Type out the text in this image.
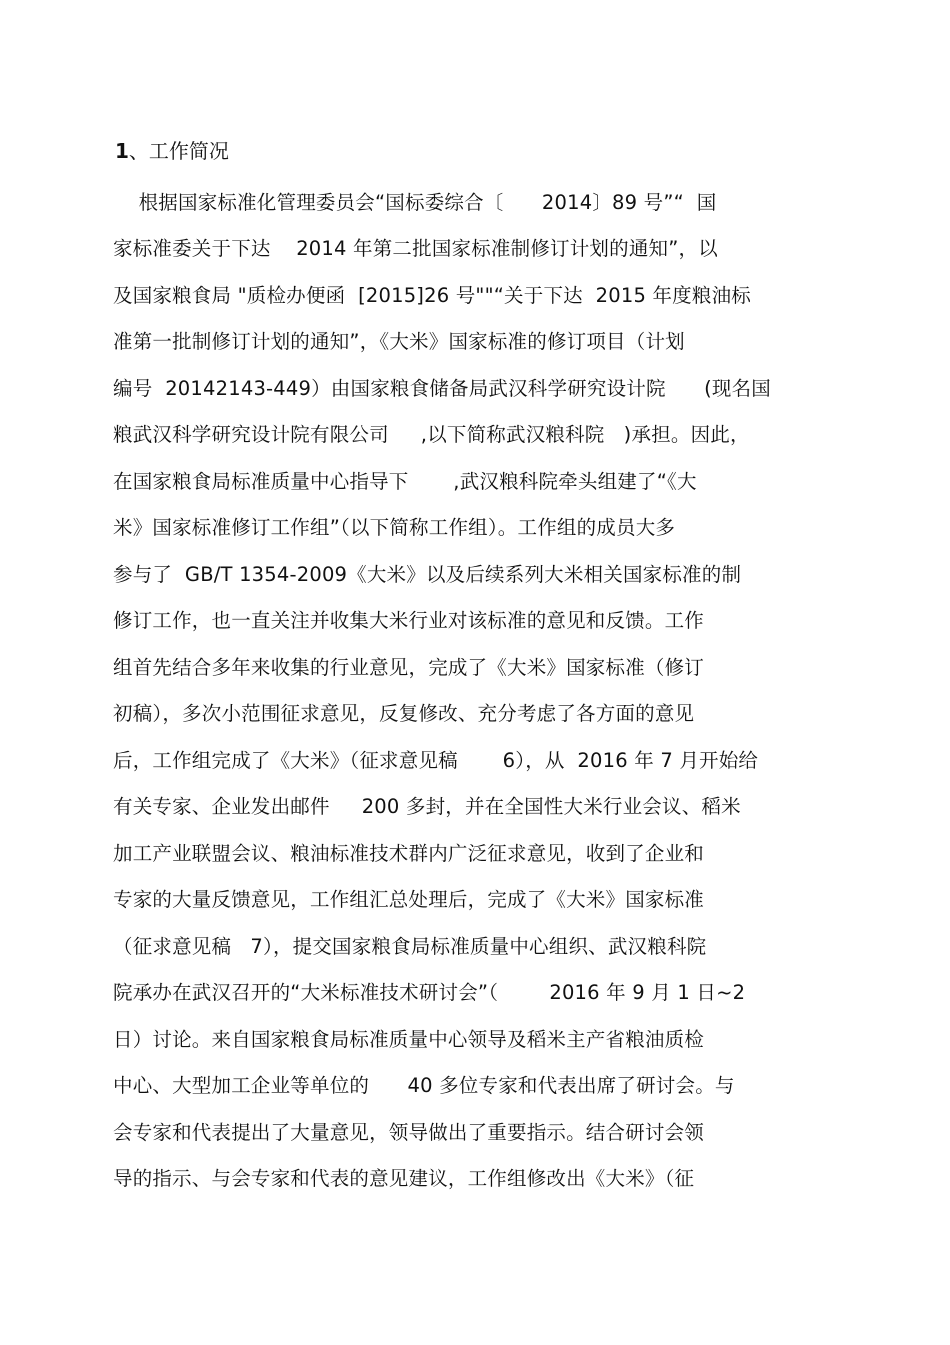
1、工作简况
根据国家标准化管理委员会“国标委综合〔      2014〕89 号”“  国
家标准委关于下达    2014 年第二批国家标准制修订计划的通知”，以
及国家粮食局 "质检办便函  [2015]26 号""“关于下达  2015 年度粮油标
准第一批制修订计划的通知”，《大米》国家标准的修订项目（计划
编号  20142143-449）由国家粮食储备局武汉科学研究设计院      (现名国
粮武汉科学研究设计院有限公司     ,以下简称武汉粮科院   )承担。因此，
在国家粮食局标准质量中心指导下       ,武汉粮科院牵头组建了“《大
米》国家标准修订工作组”（以下简称工作组）。工作组的成员大多
参与了  GB/T 1354-2009《大米》以及后续系列大米相关国家标准的制
修订工作，也一直关注并收集大米行业对该标准的意见和反馈。工作
组首先结合多年来收集的行业意见，完成了《大米》国家标准（修订
初稿），多次小范围征求意见，反复修改、充分考虑了各方面的意见
后，工作组完成了《大米》（征求意见稿       6），从  2016 年 7 月开始给
有关专家、企业发出邮件     200 多封，并在全国性大米行业会议、稻米
加工产业联盟会议、粮油标准技术群内广泛征求意见，收到了企业和
专家的大量反馈意见，工作组汇总处理后，完成了《大米》国家标准
（征求意见稿   7），提交国家粮食局标准质量中心组织、武汉粮科院
院承办在武汉召开的“大米标准技术研讨会”（        2016 年 9 月 1 日~2
日）讨论。来自国家粮食局标准质量中心领导及稻米主产省粮油质检
中心、大型加工企业等单位的      40 多位专家和代表出席了研讨会。与
会专家和代表提出了大量意见，领导做出了重要指示。结合研讨会领
导的指示、与会专家和代表的意见建议，工作组修改出《大米》（征
